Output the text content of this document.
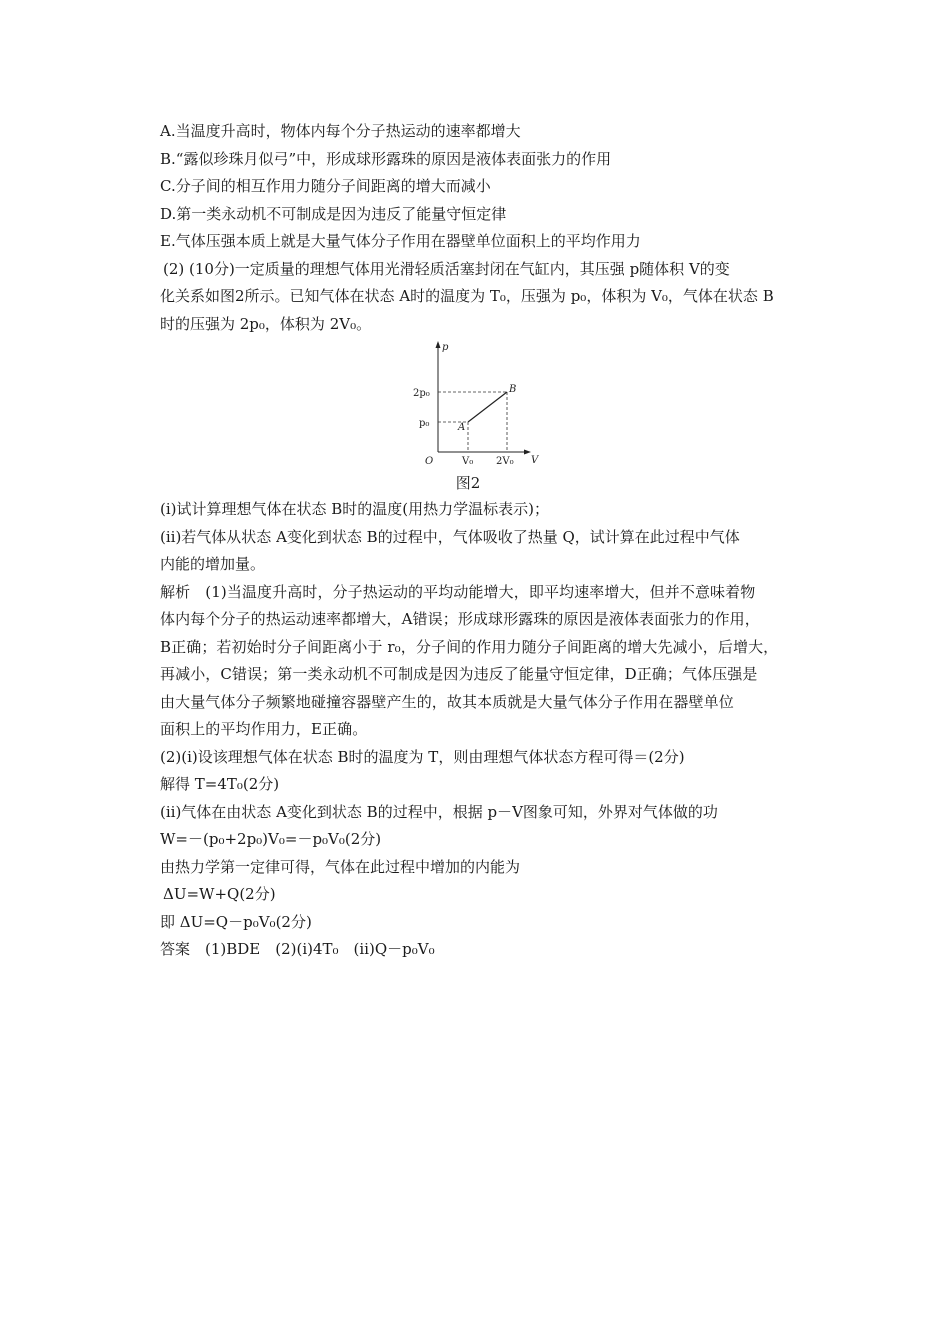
A.当温度升高时，物体内每个分子热运动的速率都增大
B.“露似珍珠月似弓”中，形成球形露珠的原因是液体表面张力的作用
C.分子间的相互作用力随分子间距离的增大而减小
D.第一类永动机不可制成是因为违反了能量守恒定律
E.气体压强本质上就是大量气体分子作用在器壁单位面积上的平均作用力
(2) (10分)一定质量的理想气体用光滑轻质活塞封闭在气缸内，其压强 p随体积 V的变
化关系如图2所示。已知气体在状态 A时的温度为 T₀，压强为 p₀，体积为 V₀，气体在状态 B
时的压强为 2p₀，体积为 2V₀。
p
V
O
2p₀
p₀
V₀ 2V₀
A
B
图2
(ⅰ)试计算理想气体在状态 B时的温度(用热力学温标表示)；
(ⅱ)若气体从状态 A变化到状态 B的过程中，气体吸收了热量 Q，试计算在此过程中气体
内能的增加量。
解析　(1)当温度升高时，分子热运动的平均动能增大，即平均速率增大，但并不意味着物
体内每个分子的热运动速率都增大，A错误；形成球形露珠的原因是液体表面张力的作用，
B正确；若初始时分子间距离小于 r₀，分子间的作用力随分子间距离的增大先减小，后增大，
再减小，C错误；第一类永动机不可制成是因为违反了能量守恒定律，D正确；气体压强是
由大量气体分子频繁地碰撞容器壁产生的，故其本质就是大量气体分子作用在器壁单位
面积上的平均作用力，E正确。
(2)(ⅰ)设该理想气体在状态 B时的温度为 T，则由理想气体状态方程可得＝(2分)
解得 T=4T₀(2分)
(ⅱ)气体在由状态 A变化到状态 B的过程中，根据 p－V图象可知，外界对气体做的功
W=－(p₀+2p₀)V₀=－p₀V₀(2分)
由热力学第一定律可得，气体在此过程中增加的内能为
ΔU=W+Q(2分)
即 ΔU=Q－p₀V₀(2分)
答案　(1)BDE　(2)(ⅰ)4T₀　(ⅱ)Q－p₀V₀
